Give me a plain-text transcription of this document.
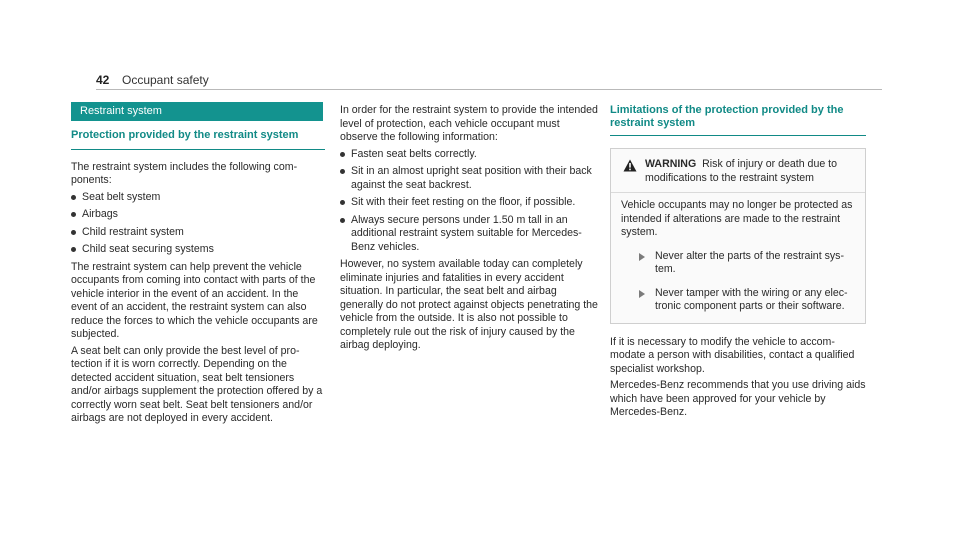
42 Occupant safety
Restraint system
Protection provided by the restraint system

The restraint system includes the following components:

Seat belt system
Airbags
Child restraint system
Child seat securing systems

The restraint system can help prevent the vehicle occupants from coming into contact with parts of the vehicle interior in the event of an accident. In the event of an accident, the restraint system can also reduce the forces to which the vehicle occupants are subjected.

A seat belt can only provide the best level of protection if it is worn correctly. Depending on the detected accident situation, seat belt tensioners and/or airbags supplement the protection offered by a correctly worn seat belt. Seat belt tensioners and/or airbags are not deployed in every accident.

In order for the restraint system to provide the intended level of protection, each vehicle occupant must observe the following information:

Fasten seat belts correctly.
Sit in an almost upright seat position with their back against the seat backrest.
Sit with their feet resting on the floor, if possible.
Always secure persons under 1.50 m tall in an additional restraint system suitable for Mercedes-Benz vehicles.

However, no system available today can completely eliminate injuries and fatalities in every accident situation. In particular, the seat belt and airbag generally do not protect against objects penetrating the vehicle from the outside. It is also not possible to completely rule out the risk of injury caused by the airbag deploying.

Limitations of the protection provided by the restraint system
WARNING Risk of injury or death due to modifications to the restraint system

Vehicle occupants may no longer be protected as intended if alterations are made to the restraint system.

Never alter the parts of the restraint system.
Never tamper with the wiring or any electronic component parts or their software.

If it is necessary to modify the vehicle to accommodate a person with disabilities, contact a qualified specialist workshop.

Mercedes-Benz recommends that you use driving aids which have been approved for your vehicle by Mercedes-Benz.
